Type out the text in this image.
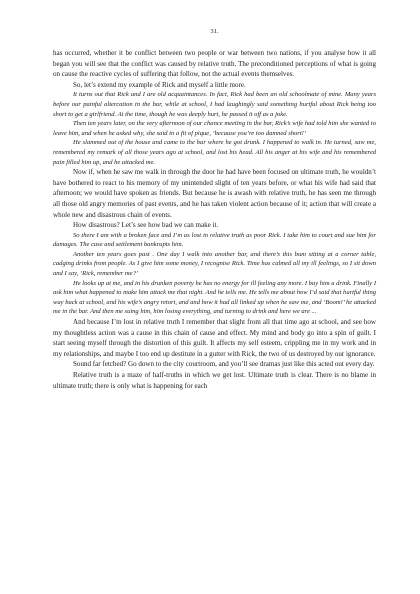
31.

has occurred, whether it be conflict between two people or war between two nations, if you analyse how it all began you will see that the conflict was caused by relative truth. The preconditioned perceptions of what is going on cause the reactive cycles of suffering that follow, not the actual events themselves.

So, let’s extend my example of Rick and myself a little more.

It turns out that Rick and I are old acquaintances. In fact, Rick had been an old schoolmate of mine. Many years before our painful altercation in the bar, while at school, I had laughingly said something hurtful about Rick being too short to get a girlfriend. At the time, though he was deeply hurt, he passed it off as a joke.

Then ten years later, on the very afternoon of our chance meeting in the bar, Rick’s wife had told him she wanted to leave him, and when he asked why, she said in a fit of pique, ‘because you’re too damned short!’

He slammed out of the house and came to the bar where he got drunk. I happened to walk in. He turned, saw me, remembered my remark of all those years ago at school, and lost his head. All his anger at his wife and his remembered pain filled him up, and he attacked me.

Now if, when he saw me walk in through the door he had have been focused on ultimate truth, he wouldn’t have bothered to react to his memory of my unintended slight of ten years before, or what his wife had said that afternoon; we would have spoken as friends. But because he is awash with relative truth, he has seen me through all those old angry memories of past events, and he has taken violent action because of it; action that will create a whole new and disastrous chain of events.

How disastrous? Let’s see how bad we can make it.

So there I am with a broken face and I’m as lost in relative truth as poor Rick. I take him to court and sue him for damages. The case and settlement bankrupts him.

Another ten years goes past . One day I walk into another bar, and there’s this bum sitting at a corner table, cadging drinks from people. As I give him some money, I recognise Rick. Time has calmed all my ill feelings, so I sit down and I say, ‘Rick, remember me?’

He looks up at me, and in his drunken poverty he has no energy for ill feeling any more. I buy him a drink. Finally I ask him what happened to make him attack me that night. And he tells me. He tells me about how I’d said that hurtful thing way back at school, and his wife’s angry retort, and and how it had all linked up when he saw me, and ‘Boom!’ he attacked me in the bar. And then me suing him, him losing everything, and turning to drink and here we are ...

And because I’m lost in relative truth I remember that slight from all that time ago at school, and see how my thoughtless action was a cause in this chain of cause and effect. My mind and body go into a spin of guilt. I start seeing myself through the distortion of this guilt. It affects my self esteem, crippling me in my work and in my relationships, and maybe I too end up destitute in a gutter with Rick, the two of us destroyed by our ignorance.

Sound far fetched? Go down to the city courtroom, and you’ll see dramas just like this acted out every day.

Relative truth is a maze of half-truths in which we get lost. Ultimate truth is clear. There is no blame in ultimate truth; there is only what is happening for each
